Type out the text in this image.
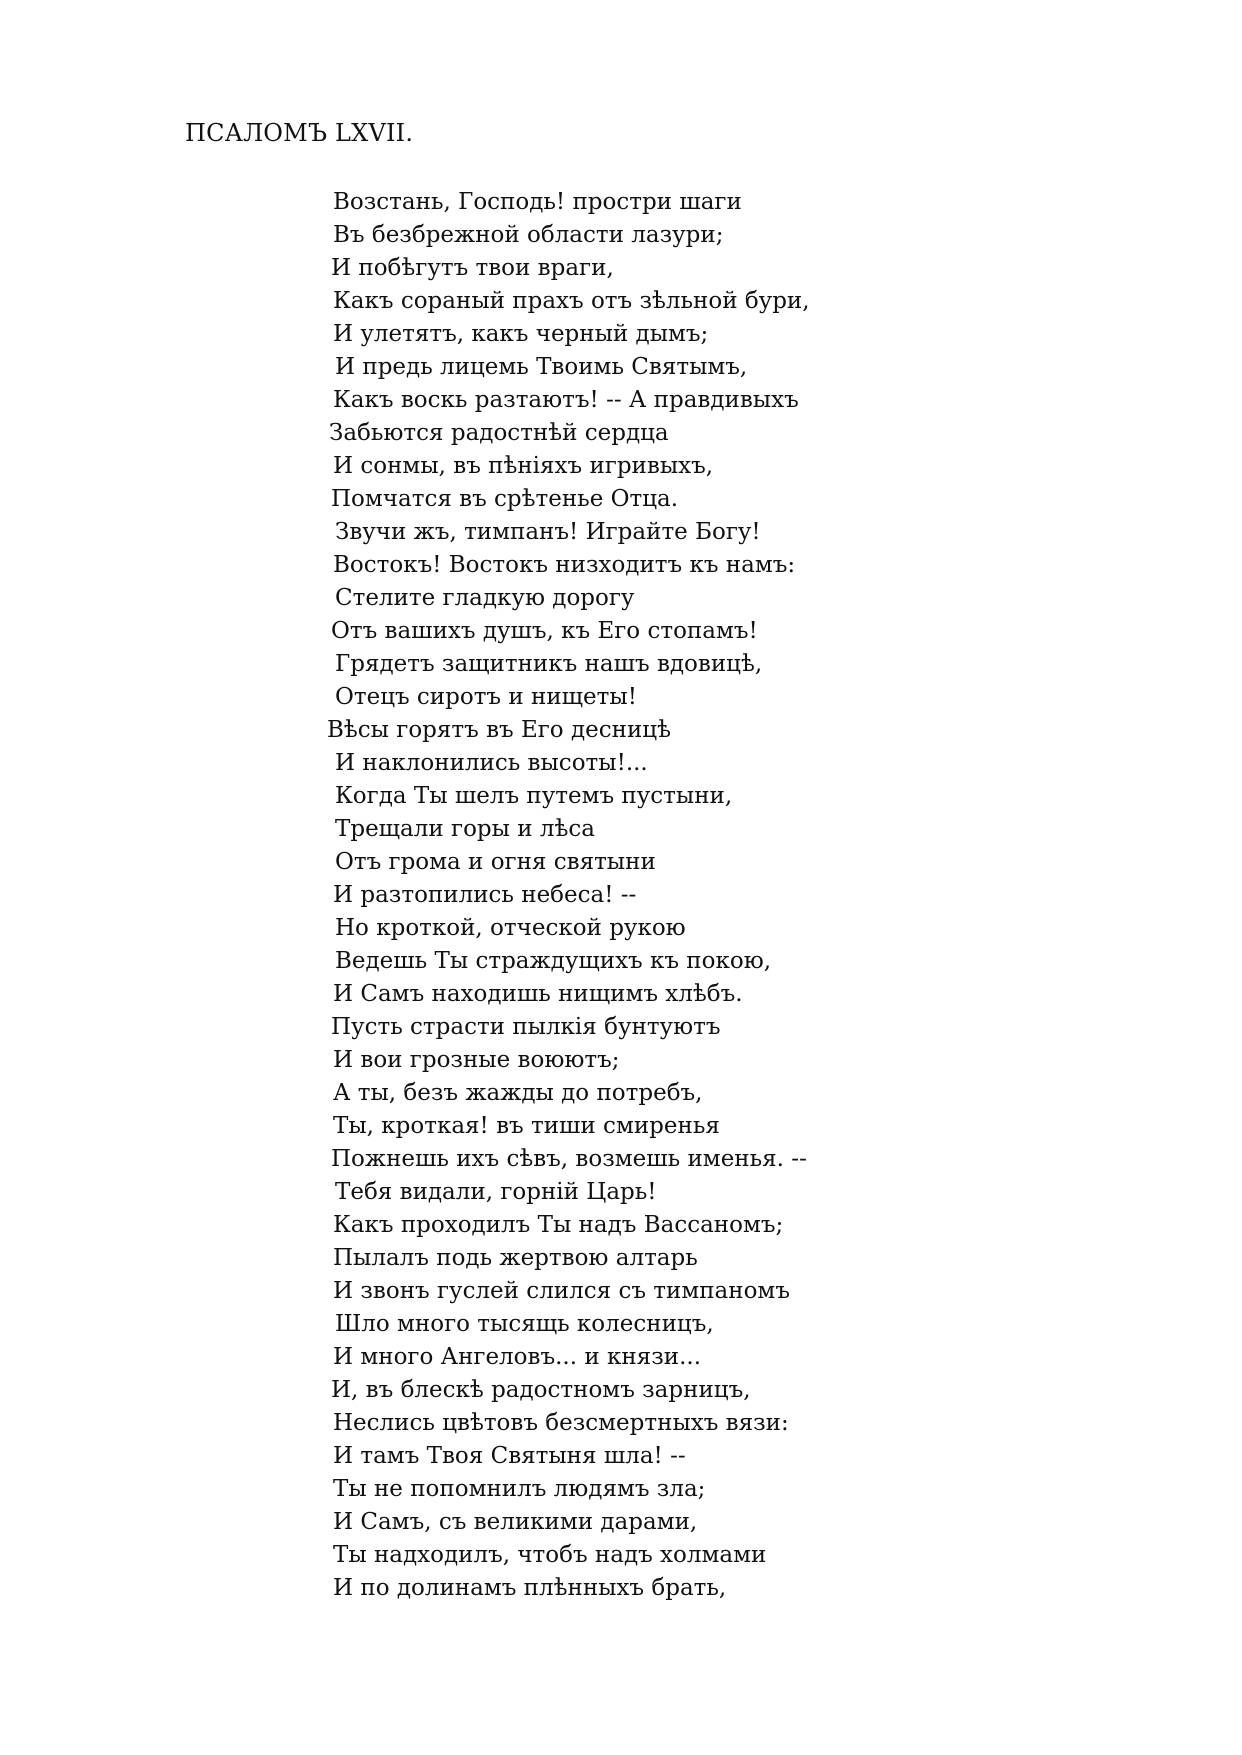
ПСАЛОМЪ LXVII.
Возстань, Господь! простри шаги
Въ безбрежной области лазури;
И побѣгутъ твои враги,
Какъ сораный прахъ отъ зѣльной бури,
И улетятъ, какъ черный дымъ;
И предь лицемь Твоимь Святымъ,
Какъ воскь разтаютъ! -- А правдивыхъ
Забьются радостнѣй сердца
И сонмы, въ пѣніяхъ игривыхъ,
Помчатся въ срѣтенье Отца.
Звучи жъ, тимпанъ! Играйте Богу!
Востокъ! Востокъ низходитъ къ намъ:
Стелите гладкую дорогу
Отъ вашихъ душъ, къ Его стопамъ!
Грядетъ защитникъ нашъ вдовицѣ,
Отецъ сиротъ и нищеты!
Вѣсы горятъ въ Его десницѣ
И наклонились высоты!...
Когда Ты шелъ путемъ пустыни,
Трещали горы и лѣса
Отъ грома и огня святыни
И разтопились небеса! --
Но кроткой, отческой рукою
Ведешь Ты страждущихъ къ покою,
И Самъ находишь нищимъ хлѣбъ.
Пусть страсти пылкія бунтуютъ
И вои грозные воюютъ;
А ты, безъ жажды до потребъ,
Ты, кроткая! въ тиши смиренья
Пожнешь ихъ сѣвъ, возмешь именья. --
Тебя видали, горній Царь!
Какъ проходилъ Ты надъ Вассаномъ;
Пылалъ подь жертвою алтарь
И звонъ гуслей слился съ тимпаномъ
Шло много тысящь колесницъ,
И много Ангеловъ... и князи...
И, въ блескѣ радостномъ зарницъ,
Неслись цвѣтовъ безсмертныхъ вязи:
И тамъ Твоя Святыня шла! --
Ты не попомнилъ людямъ зла;
И Самъ, съ великими дарами,
Ты надходилъ, чтобъ надъ холмами
И по долинамъ плѣнныхъ брать,
